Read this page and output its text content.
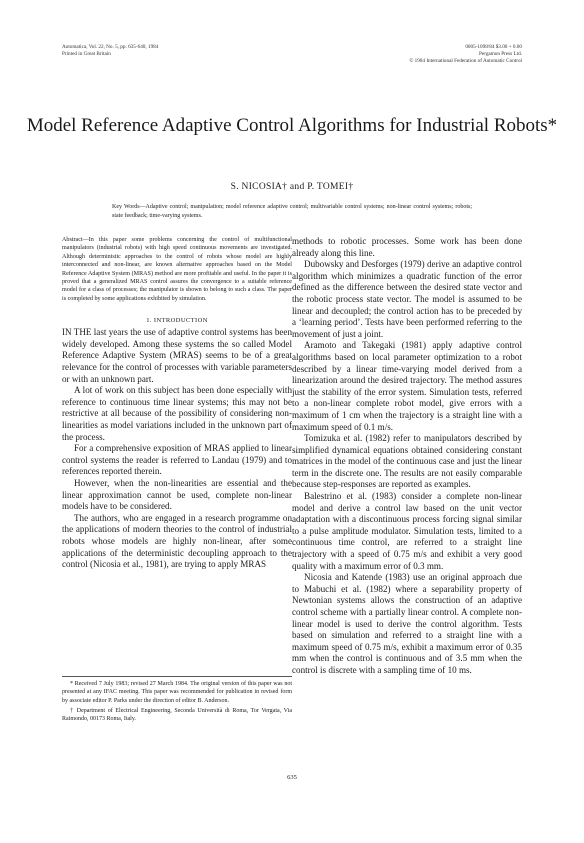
Automatica, Vol. 22, No. 5, pp. 635-640, 1984
Printed in Great Britain
0005-1098/84 $3.00 + 0.00
Pergamon Press Ltd.
© 1984 International Federation of Automatic Control
Model Reference Adaptive Control Algorithms for Industrial Robots*
S. NICOSIA† and P. TOMEI†
Key Words—Adaptive control; manipulation; model reference adaptive control; multivariable control systems; non-linear control systems; robots; state feedback; time-varying systems.

Abstract—In this paper some problems concerning the control of multifunctional manipulators (industrial robots) with high speed continuous movements are investigated. Although deterministic approaches to the control of robots whose model are highly interconnected and non-linear, are known alternative approaches based on the Model Reference Adaptive System (MRAS) method are more profitable and useful. In the paper it is proved that a generalized MRAS control assures the convergence to a suitable reference model for a class of processes; the manipulator is shown to belong to such a class. The paper is completed by some applications exhibited by simulation.

1. INTRODUCTION

IN THE last years the use of adaptive control systems has been widely developed. Among these systems the so called Model Reference Adaptive System (MRAS) seems to be of a great relevance for the control of processes with variable parameters or with an unknown part.

A lot of work on this subject has been done especially with reference to continuous time linear systems; this may not be restrictive at all because of the possibility of considering non-linearities as model variations included in the unknown part of the process.

For a comprehensive exposition of MRAS applied to linear control systems the reader is referred to Landau (1979) and to references reported therein.

However, when the non-linearities are essential and the linear approximation cannot be used, complete non-linear models have to be considered.

The authors, who are engaged in a research programme on the applications of modern theories to the control of industrial robots whose models are highly non-linear, after some applications of the deterministic decoupling approach to the control (Nicosia et al., 1981), are trying to apply MRAS

* Received 7 July 1983; revised 27 March 1984. The original version of this paper was not presented at any IFAC meeting. This paper was recommended for publication in revised form by associate editor P. Parks under the direction of editor B. Anderson.

† Department of Electrical Engineering, Seconda Università di Roma, Tor Vergata, Via Raimondo, 00173 Roma, Italy.

methods to robotic processes. Some work has been done already along this line.

Dubowsky and Desforges (1979) derive an adaptive control algorithm which minimizes a quadratic function of the error defined as the difference between the desired state vector and the robotic process state vector. The model is assumed to be linear and decoupled; the control action has to be preceded by a ‘learning period’. Tests have been performed referring to the movement of just a joint.

Aramoto and Takegaki (1981) apply adaptive control algorithms based on local parameter optimization to a robot described by a linear time-varying model derived from a linearization around the desired trajectory. The method assures just the stability of the error system. Simulation tests, referred to a non-linear complete robot model, give errors with a maximum of 1 cm when the trajectory is a straight line with a maximum speed of 0.1 m/s.

Tomizuka et al. (1982) refer to manipulators described by simplified dynamical equations obtained considering constant matrices in the model of the continuous case and just the linear term in the discrete one. The results are not easily comparable because step-responses are reported as examples.

Balestrino et al. (1983) consider a complete non-linear model and derive a control law based on the unit vector adaptation with a discontinuous process forcing signal similar to a pulse amplitude modulator. Simulation tests, limited to a continuous time control, are referred to a straight line trajectory with a speed of 0.75 m/s and exhibit a very good quality with a maximum error of 0.3 mm.

Nicosia and Katende (1983) use an original approach due to Mabuchi et al. (1982) where a separability property of Newtonian systems allows the construction of an adaptive control scheme with a partially linear control. A complete non-linear model is used to derive the control algorithm. Tests based on simulation and referred to a straight line with a maximum speed of 0.75 m/s, exhibit a maximum error of 0.35 mm when the control is continuous and of 3.5 mm when the control is discrete with a sampling time of 10 ms.

635
